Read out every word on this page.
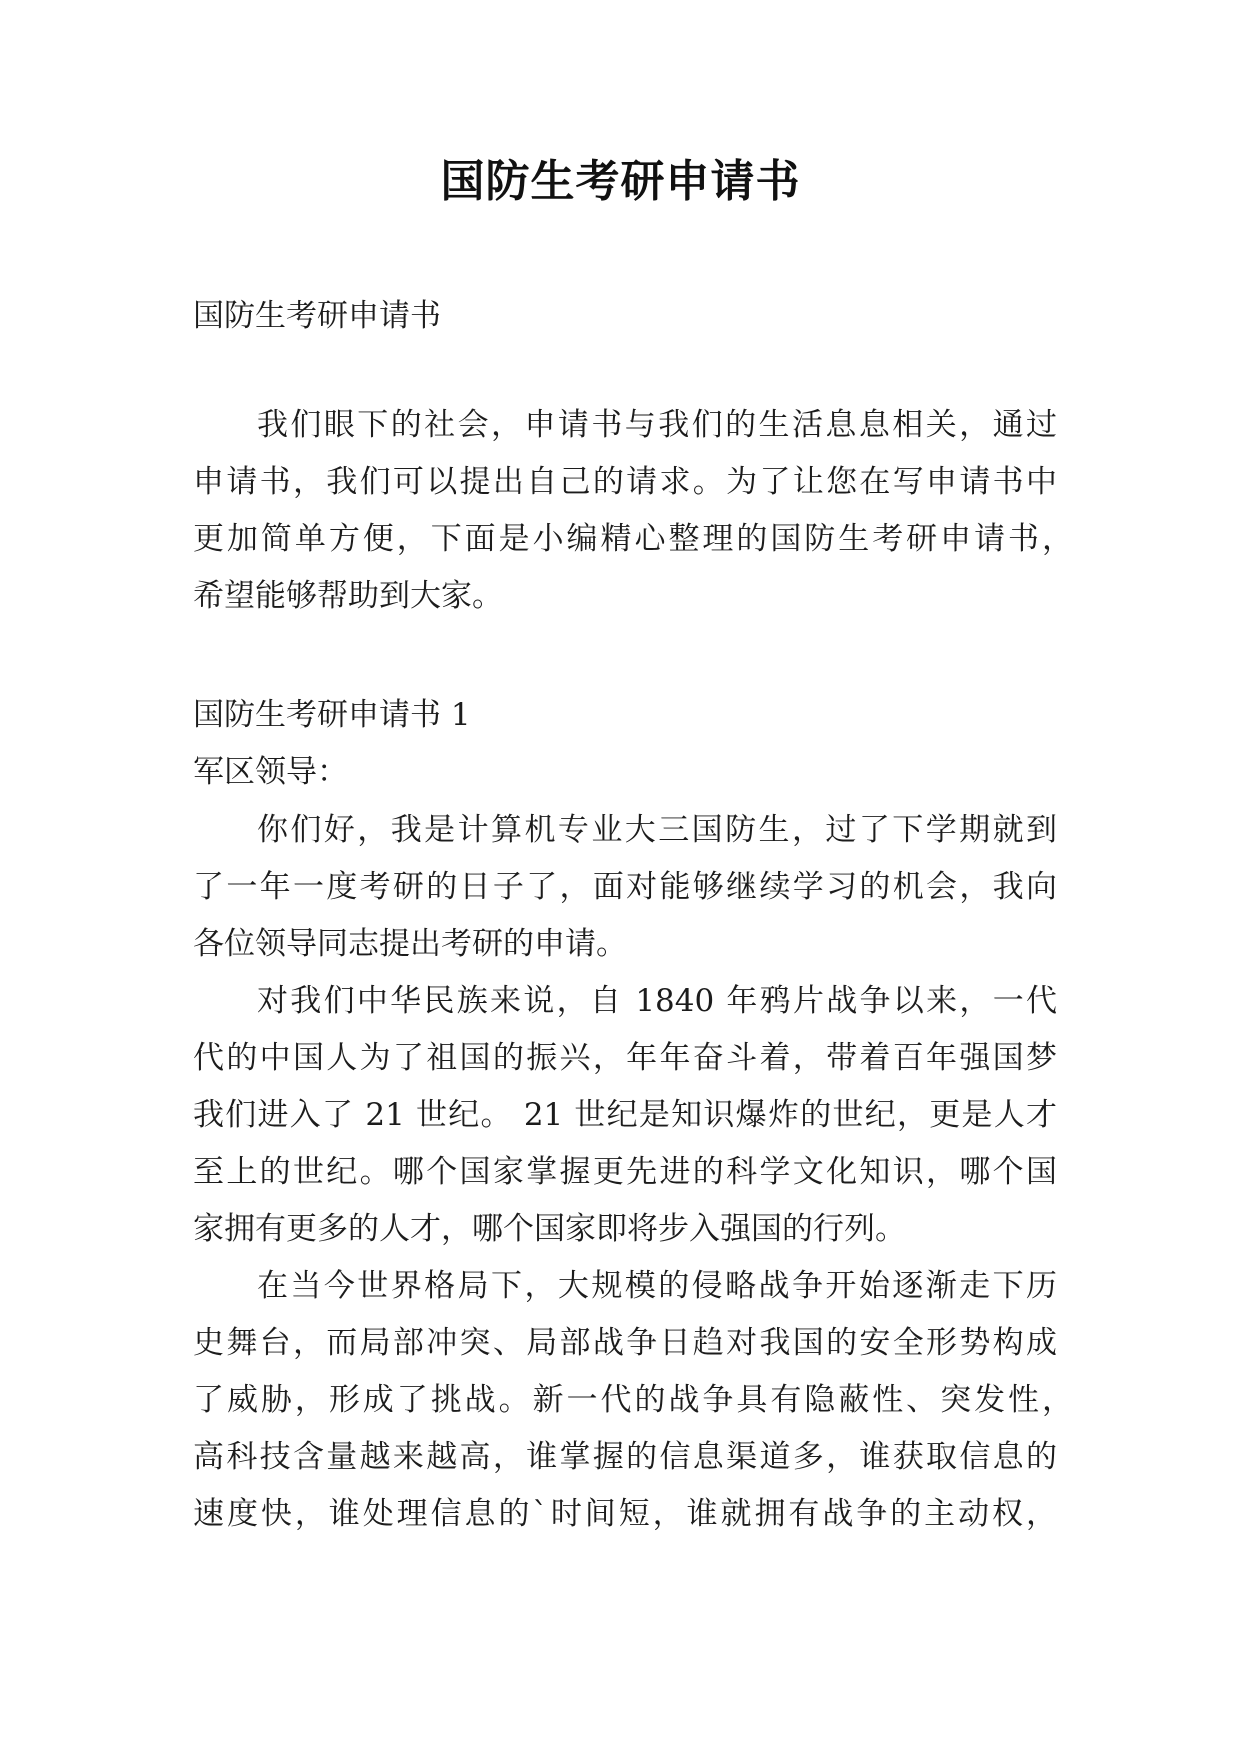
国防生考研申请书
国防生考研申请书
我们眼下的社会，申请书与我们的生活息息相关，通过
申请书，我们可以提出自己的请求。为了让您在写申请书中
更加简单方便，下面是小编精心整理的国防生考研申请书，
希望能够帮助到大家。
国防生考研申请书 1
军区领导：
你们好，我是计算机专业大三国防生，过了下学期就到
了一年一度考研的日子了，面对能够继续学习的机会，我向
各位领导同志提出考研的申请。
对我们中华民族来说，自 1840 年鸦片战争以来，一代
代的中国人为了祖国的振兴，年年奋斗着，带着百年强国梦
我们进入了 21 世纪。 21 世纪是知识爆炸的世纪，更是人才
至上的世纪。哪个国家掌握更先进的科学文化知识，哪个国
家拥有更多的人才，哪个国家即将步入强国的行列。
在当今世界格局下，大规模的侵略战争开始逐渐走下历
史舞台，而局部冲突、局部战争日趋对我国的安全形势构成
了威胁，形成了挑战。新一代的战争具有隐蔽性、突发性，
高科技含量越来越高，谁掌握的信息渠道多，谁获取信息的
速度快，谁处理信息的`时间短，谁就拥有战争的主动权，
